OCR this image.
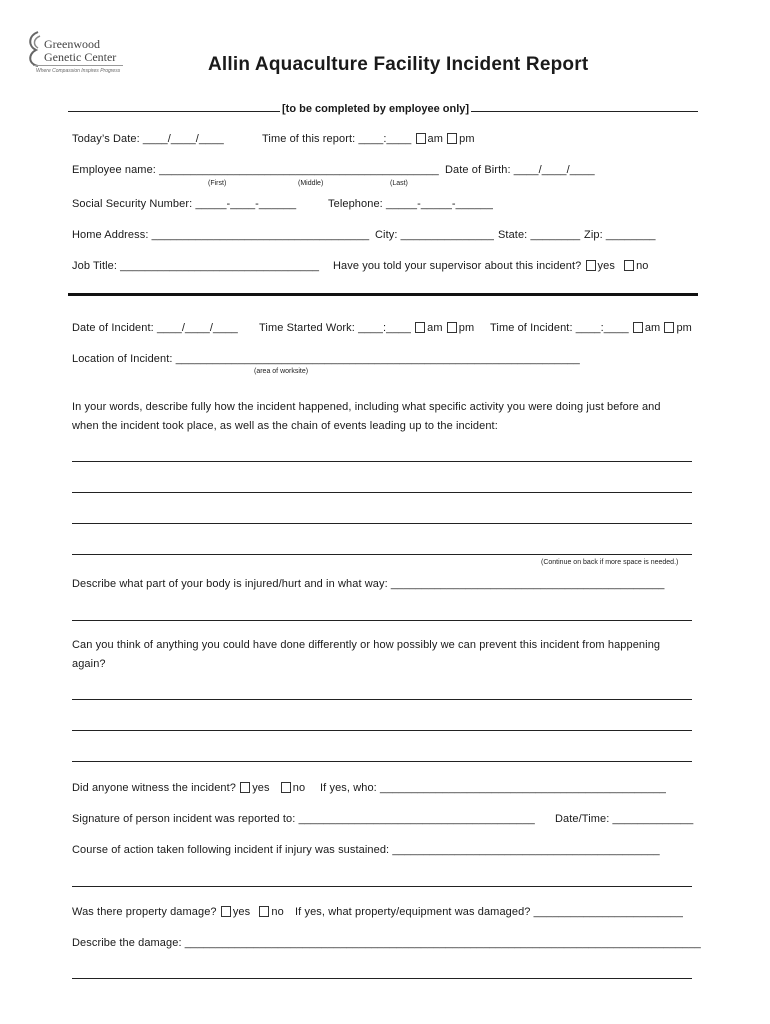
Greenwood
Genetic Center
Where Compassion Inspires Progress	Allin Aquaculture Facility Incident Report
[to be completed by employee only]
Today’s Date: ____/____/____	Time of this report: ____:____ am pm
Employee name: _____________________________________________ Date of Birth: ____/____/____
(First)	(Middle)	(Last)
Social Security Number: _____-____-______	Telephone: _____-_____-______
Home Address: ___________________________________ City: _______________ State: ________ Zip: ________
Job Title: ________________________________ Have you told your supervisor about this incident? yes no
Date of Incident: ____/____/____ Time Started Work: ____:____ am pm Time of Incident: ____:____ am pm
Location of Incident: _________________________________________________________________
(area of worksite)
In your words, describe fully how the incident happened, including what specific activity you were doing just before and
when the incident took place, as well as the chain of events leading up to the incident:
(Continue on back if more space is needed.)
Describe what part of your body is injured/hurt and in what way: ____________________________________________
Can you think of anything you could have done differently or how possibly we can prevent this incident from happening
again?
Did anyone witness the incident? yes no If yes, who: ______________________________________________
Signature of person incident was reported to: ______________________________________ Date/Time: _____________
Course of action taken following incident if injury was sustained: ___________________________________________
Was there property damage? yes no If yes, what property/equipment was damaged? ________________________
Describe the damage: ___________________________________________________________________________________
